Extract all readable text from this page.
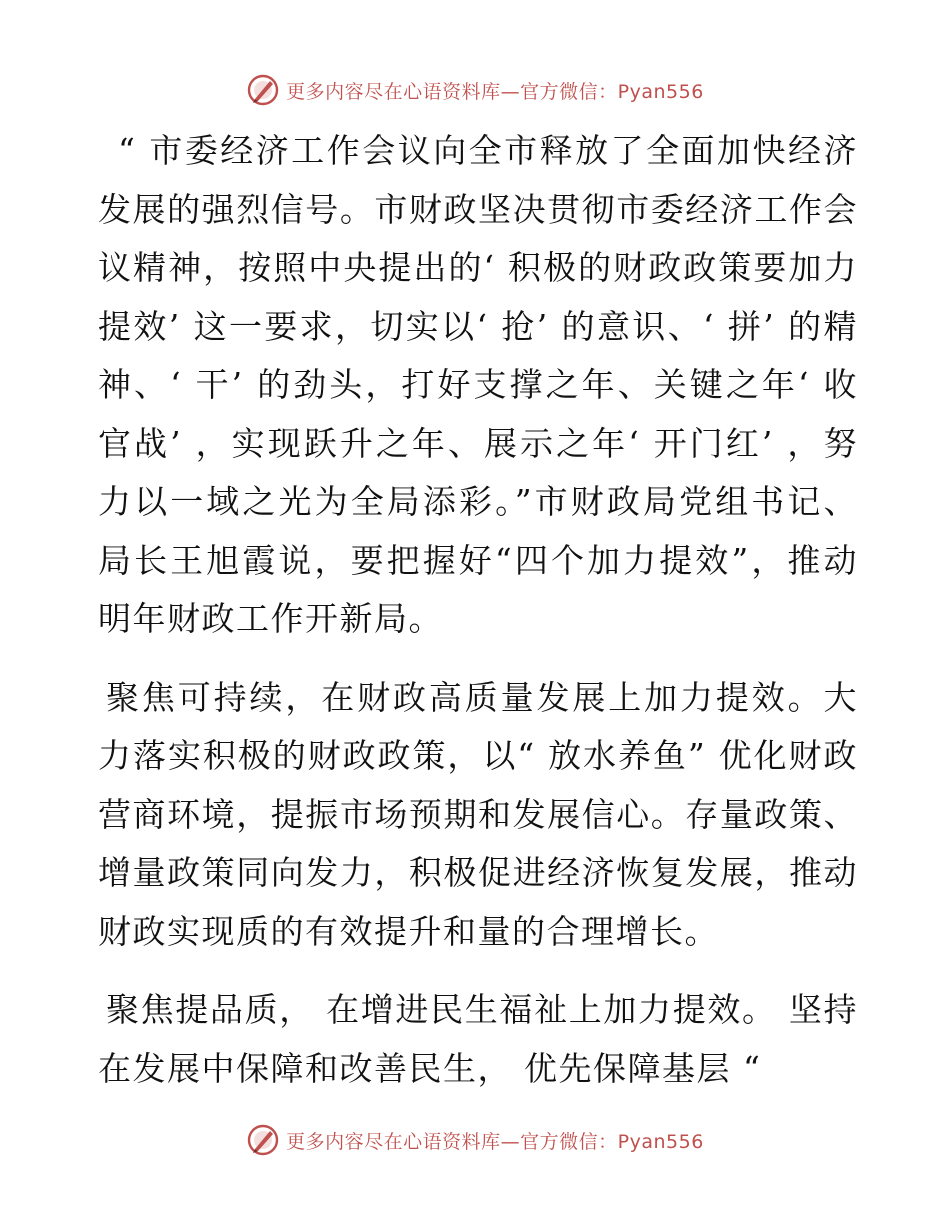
更多内容尽在心语资料库—官方微信：Pyan556

“ 市委经济工作会议向全市释放了全面加快经济发展的强烈信号。市财政坚决贯彻市委经济工作会议精神，按照中央提出的‘ 积极的财政政策要加力提效’ 这一要求，切实以‘ 抢’ 的意识、‘ 拼’ 的精神、‘ 干’ 的劲头，打好支撑之年、关键之年‘ 收官战’ ，实现跃升之年、展示之年‘ 开门红’ ，努力以一域之光为全局添彩。”市财政局党组书记、局长王旭霞说，要把握好“四个加力提效”，推动明年财政工作开新局。

聚焦可持续，在财政高质量发展上加力提效。大力落实积极的财政政策，以“ 放水养鱼” 优化财政营商环境，提振市场预期和发展信心。存量政策、增量政策同向发力，积极促进经济恢复发展，推动财政实现质的有效提升和量的合理增长。

聚焦提品质， 在增进民生福祉上加力提效。 坚持在发展中保障和改善民生， 优先保障基层 “

更多内容尽在心语资料库—官方微信：Pyan556
